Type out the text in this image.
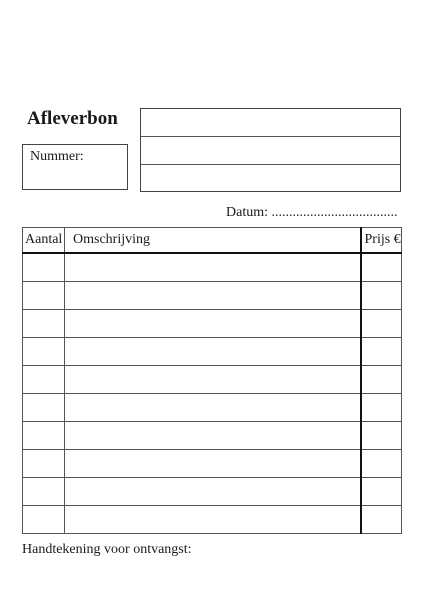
Afleverbon
Nummer:
Datum: ....................................
Aantal	Omschrijving	Prijs €

Handtekening voor ontvangst:
